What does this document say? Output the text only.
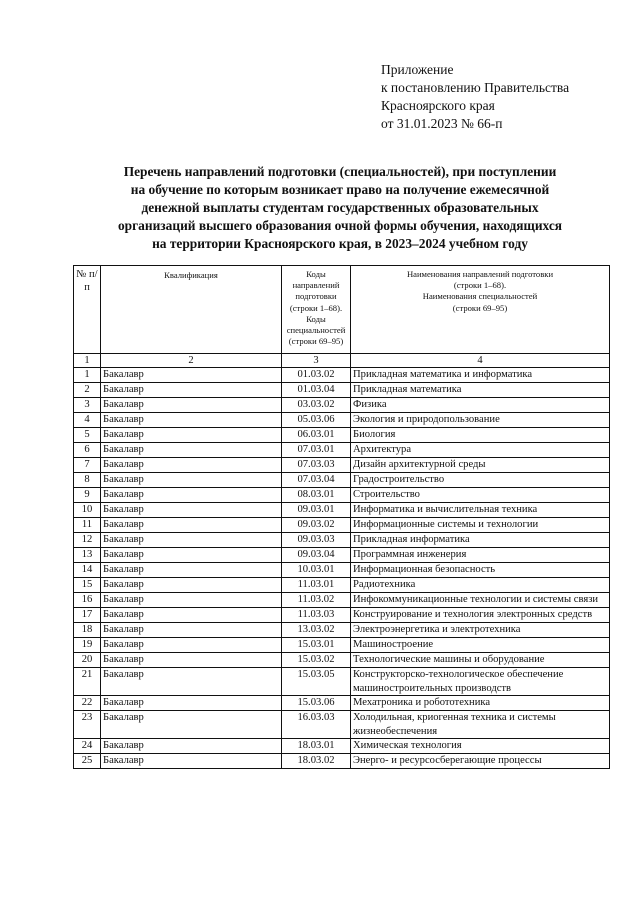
Приложение
к постановлению Правительства
Красноярского края
от 31.01.2023 № 66-п
Перечень направлений подготовки (специальностей), при поступлении
на обучение по которым возникает право на получение ежемесячной
денежной выплаты студентам государственных образовательных
организаций высшего образования очной формы обучения, находящихся
на территории Красноярского края, в 2023–2024 учебном году
№ п/п	Квалификация	Коды направлений подготовки (строки 1–68). Коды специальностей (строки 69–95)	Наименования направлений подготовки
(строки 1–68).
Наименования специальностей
(строки 69–95)

1	2	3	4
1	Бакалавр	01.03.02	Прикладная математика и информатика
2	Бакалавр	01.03.04	Прикладная математика
3	Бакалавр	03.03.02	Физика
4	Бакалавр	05.03.06	Экология и природопользование
5	Бакалавр	06.03.01	Биология
6	Бакалавр	07.03.01	Архитектура
7	Бакалавр	07.03.03	Дизайн архитектурной среды
8	Бакалавр	07.03.04	Градостроительство
9	Бакалавр	08.03.01	Строительство
10	Бакалавр	09.03.01	Информатика и вычислительная техника
11	Бакалавр	09.03.02	Информационные системы и технологии
12	Бакалавр	09.03.03	Прикладная информатика
13	Бакалавр	09.03.04	Программная инженерия
14	Бакалавр	10.03.01	Информационная безопасность
15	Бакалавр	11.03.01	Радиотехника
16	Бакалавр	11.03.02	Инфокоммуникационные технологии и системы связи
17	Бакалавр	11.03.03	Конструирование и технология электронных средств
18	Бакалавр	13.03.02	Электроэнергетика и электротехника
19	Бакалавр	15.03.01	Машиностроение
20	Бакалавр	15.03.02	Технологические машины и оборудование
21	Бакалавр	15.03.05	Конструкторско-технологическое обеспечение машиностроительных производств
22	Бакалавр	15.03.06	Мехатроника и робототехника
23	Бакалавр	16.03.03	Холодильная, криогенная техника и системы жизнеобеспечения
24	Бакалавр	18.03.01	Химическая технология
25	Бакалавр	18.03.02	Энерго- и ресурсосберегающие процессы
